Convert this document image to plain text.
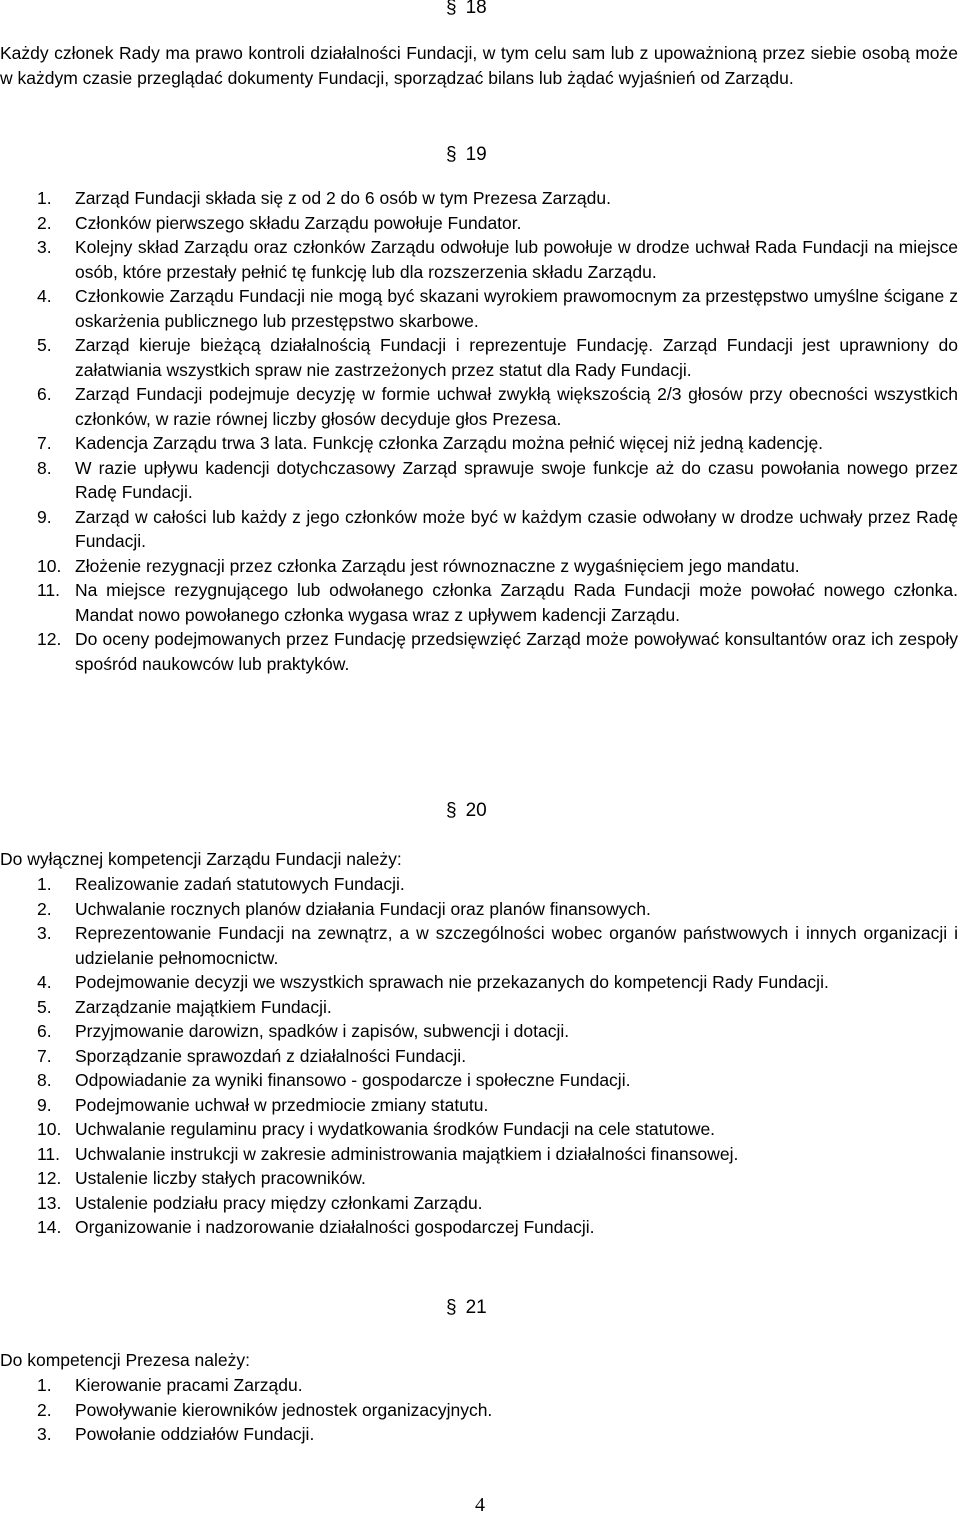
§ 18

Każdy członek Rady ma prawo kontroli działalności Fundacji, w tym celu sam lub z upoważnioną przez siebie osobą może w każdym czasie przeglądać dokumenty Fundacji, sporządzać bilans lub żądać wyjaśnień od Zarządu.

§ 19
1.	Zarząd Fundacji składa się z od 2 do 6 osób w tym Prezesa Zarządu.
2.	Członków pierwszego składu Zarządu powołuje Fundator.
3.	Kolejny skład Zarządu oraz członków Zarządu odwołuje lub powołuje w drodze uchwał Rada Fundacji na miejsce osób, które przestały pełnić tę funkcję lub dla rozszerzenia składu Zarządu.
4.	Członkowie Zarządu Fundacji nie mogą być skazani wyrokiem prawomocnym za przestępstwo umyślne ścigane z oskarżenia publicznego lub przestępstwo skarbowe.
5.	Zarząd kieruje bieżącą działalnością Fundacji i reprezentuje Fundację. Zarząd Fundacji jest uprawniony do załatwiania wszystkich spraw nie zastrzeżonych przez statut dla Rady Fundacji.
6.	Zarząd Fundacji podejmuje decyzję w formie uchwał zwykłą większością 2/3 głosów przy obecności wszystkich członków, w razie równej liczby głosów decyduje głos Prezesa.
7.	Kadencja Zarządu trwa 3 lata. Funkcję członka Zarządu można pełnić więcej niż jedną kadencję.
8.	W razie upływu kadencji dotychczasowy Zarząd sprawuje swoje funkcje aż do czasu powołania nowego przez Radę Fundacji.
9.	Zarząd w całości lub każdy z jego członków może być w każdym czasie odwołany w drodze uchwały przez Radę Fundacji.
10. Złożenie rezygnacji przez członka Zarządu jest równoznaczne z wygaśnięciem jego mandatu.
11. Na miejsce rezygnującego lub odwołanego członka Zarządu Rada Fundacji może powołać nowego członka. Mandat nowo powołanego członka wygasa wraz z upływem kadencji Zarządu.
12. Do oceny podejmowanych przez Fundację przedsięwzięć Zarząd może powoływać konsultantów oraz ich zespoły spośród naukowców lub praktyków.
§ 20

Do wyłącznej kompetencji Zarządu Fundacji należy:

1.	Realizowanie zadań statutowych Fundacji.
2.	Uchwalanie rocznych planów działania Fundacji oraz planów finansowych.
3.	Reprezentowanie Fundacji na zewnątrz, a w szczególności wobec organów państwowych i innych organizacji i udzielanie pełnomocnictw.
4.	Podejmowanie decyzji we wszystkich sprawach nie przekazanych do kompetencji Rady Fundacji.
5.	Zarządzanie majątkiem Fundacji.
6.	Przyjmowanie darowizn, spadków i zapisów, subwencji i dotacji.
7.	Sporządzanie sprawozdań z działalności Fundacji.
8.	Odpowiadanie za wyniki finansowo - gospodarcze i społeczne Fundacji.
9.	Podejmowanie uchwał w przedmiocie zmiany statutu.
10. Uchwalanie regulaminu pracy i wydatkowania środków Fundacji na cele statutowe.
11. Uchwalanie instrukcji w zakresie administrowania majątkiem i działalności finansowej.
12. Ustalenie liczby stałych pracowników.
13. Ustalenie podziału pracy między członkami Zarządu.
14. Organizowanie i nadzorowanie działalności gospodarczej Fundacji.
§ 21

Do kompetencji Prezesa należy:

1.	Kierowanie pracami Zarządu.
2.	Powoływanie kierowników jednostek organizacyjnych.
3.	Powołanie oddziałów Fundacji.
4
